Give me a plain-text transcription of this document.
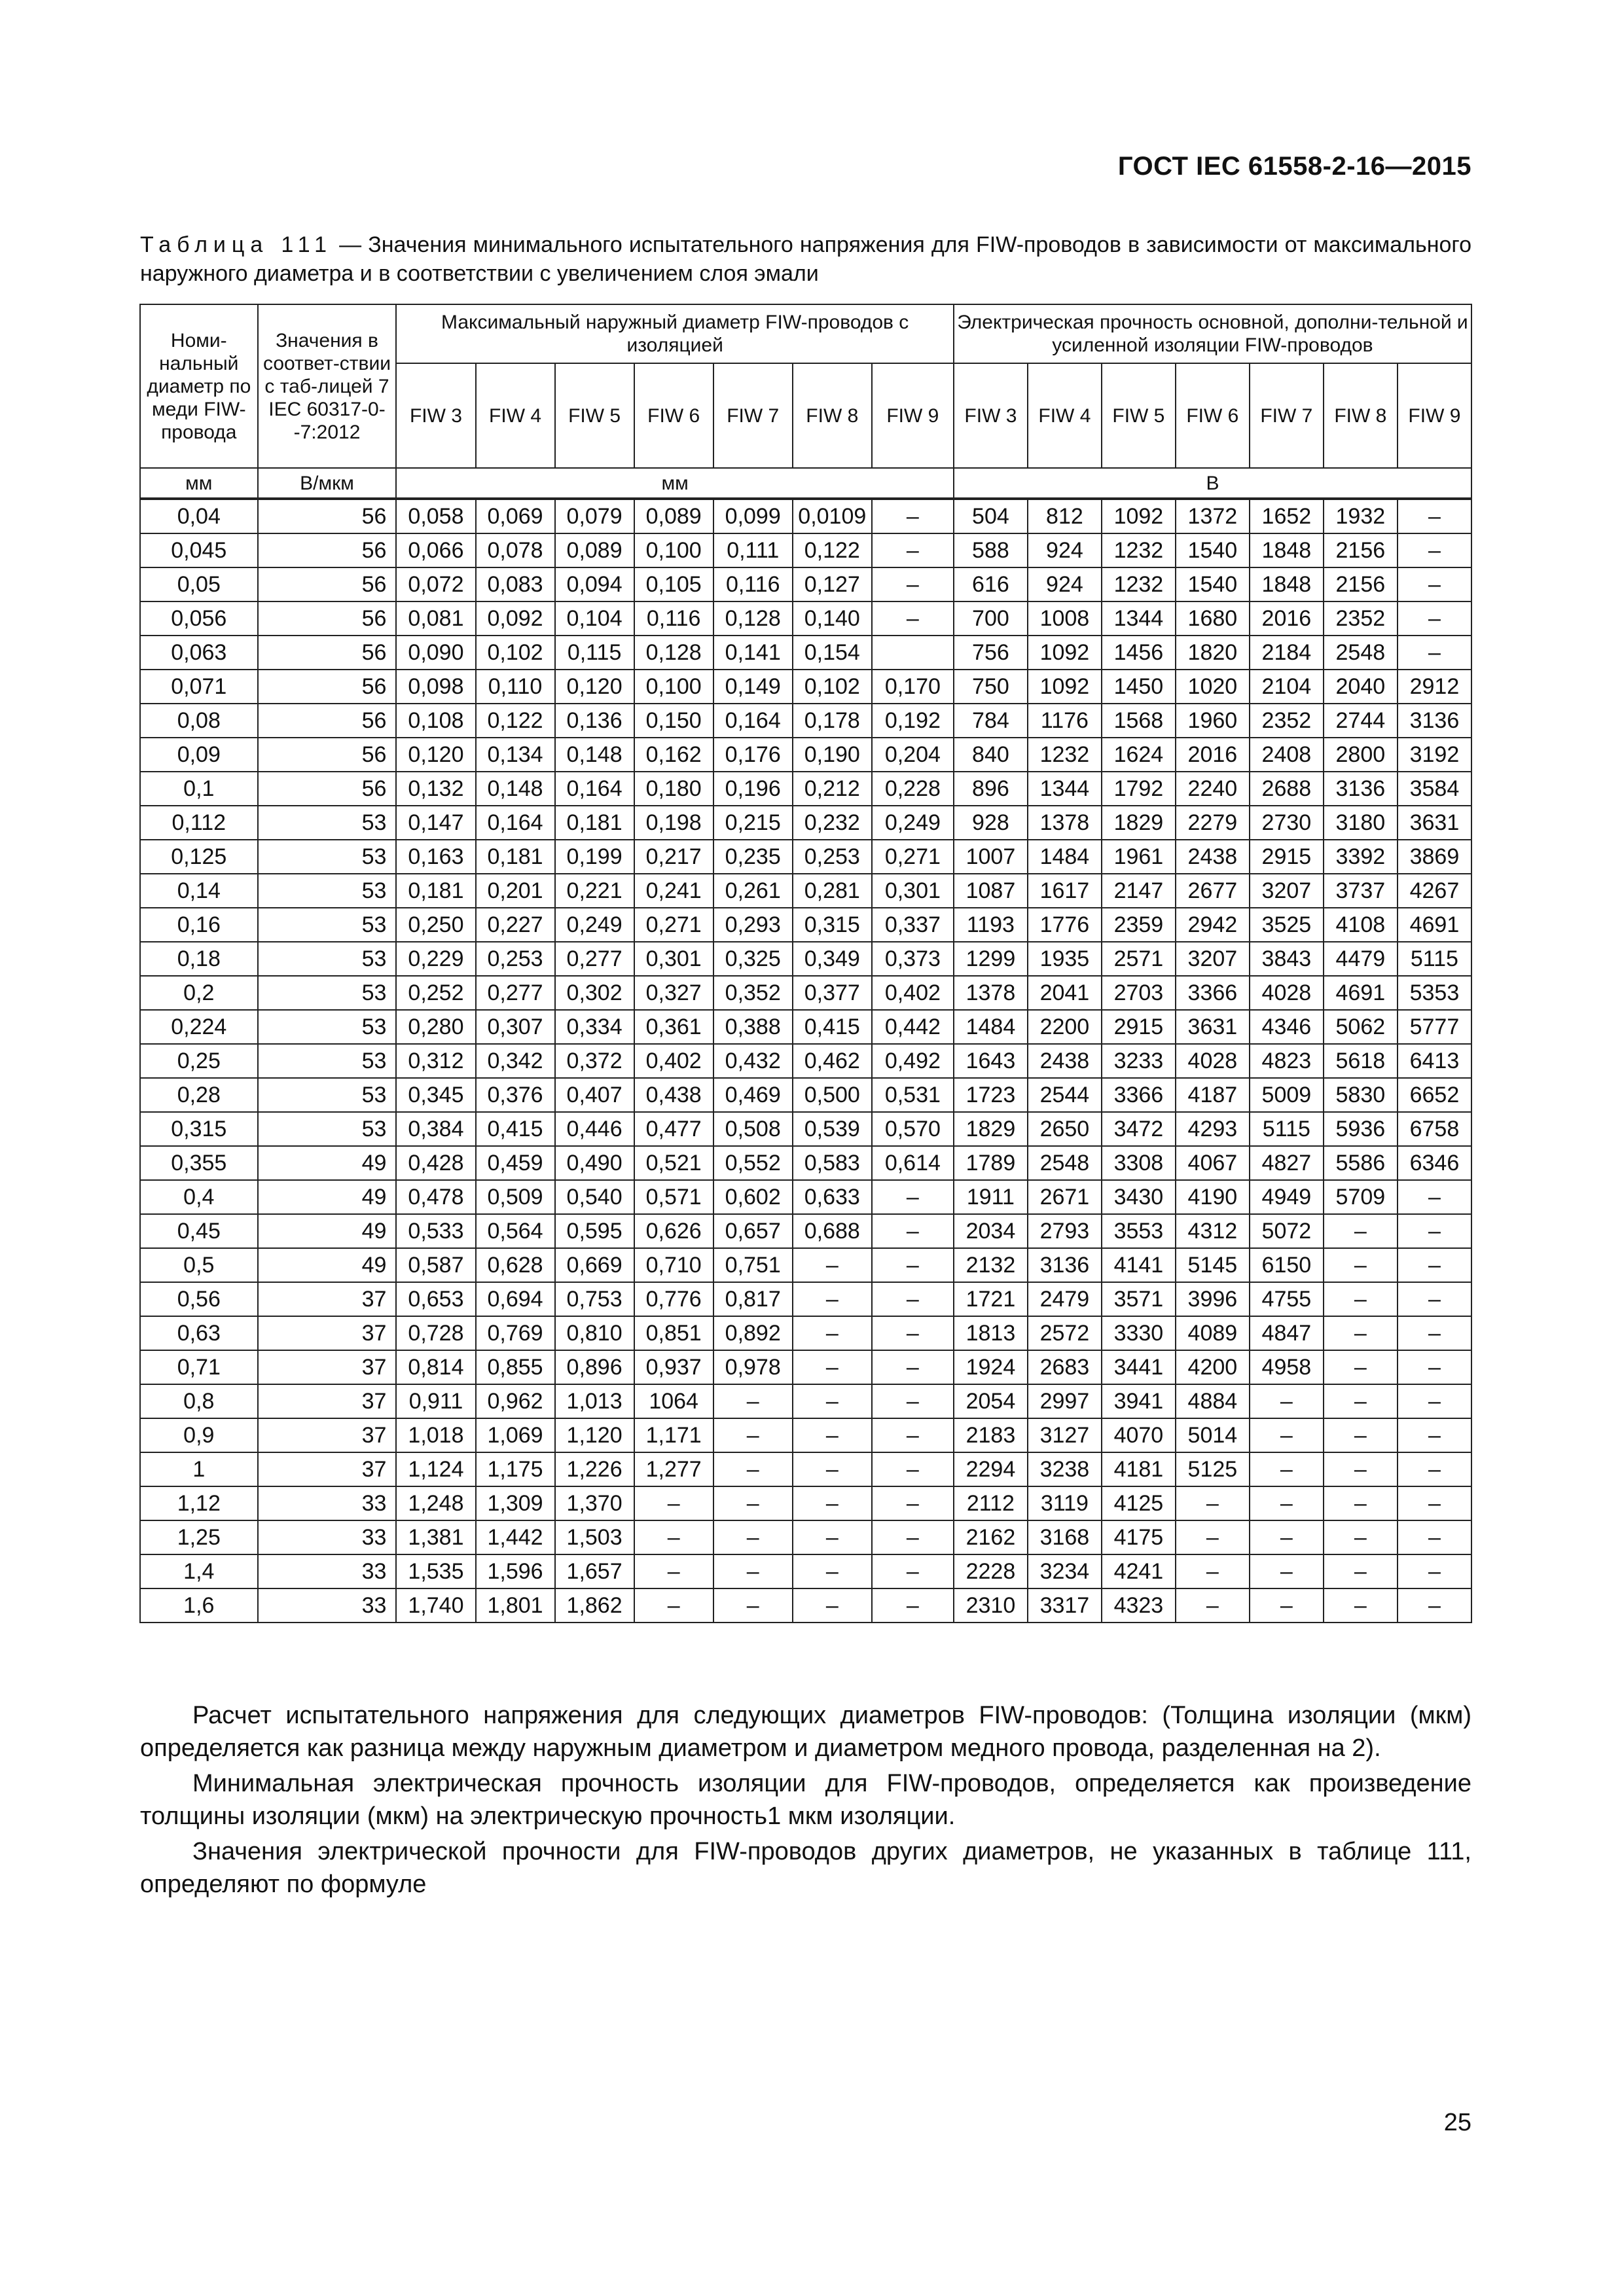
ГОСТ IEC 61558-2-16—2015
Таблица 111 — Значения минимального испытательного напряжения для FIW-проводов в зависимости от максимального наружного диаметра и в соответствии с увеличением слоя эмали
Номи-нальный диаметр по меди FIW-провода	Значения в соответ-ствии с таб-лицей 7 IEC 60317-0--7:2012	Максимальный наружный диаметр FIW-проводов с изоляцией							Электрическая прочность основной, дополни-тельной и усиленной изоляции FIW-проводов						
		FIW 3	FIW 4	FIW 5	FIW 6	FIW 7	FIW 8	FIW 9	FIW 3	FIW 4	FIW 5	FIW 6	FIW 7	FIW 8	FIW 9
мм	В/мкм	мм							В						
0,04	56	0,058	0,069	0,079	0,089	0,099	0,0109	–	504	812	1092	1372	1652	1932	–
0,045	56	0,066	0,078	0,089	0,100	0,111	0,122	–	588	924	1232	1540	1848	2156	–
0,05	56	0,072	0,083	0,094	0,105	0,116	0,127	–	616	924	1232	1540	1848	2156	–
0,056	56	0,081	0,092	0,104	0,116	0,128	0,140	–	700	1008	1344	1680	2016	2352	–
0,063	56	0,090	0,102	0,115	0,128	0,141	0,154		756	1092	1456	1820	2184	2548	–
0,071	56	0,098	0,110	0,120	0,100	0,149	0,102	0,170	750	1092	1450	1020	2104	2040	2912
0,08	56	0,108	0,122	0,136	0,150	0,164	0,178	0,192	784	1176	1568	1960	2352	2744	3136
0,09	56	0,120	0,134	0,148	0,162	0,176	0,190	0,204	840	1232	1624	2016	2408	2800	3192
0,1	56	0,132	0,148	0,164	0,180	0,196	0,212	0,228	896	1344	1792	2240	2688	3136	3584
0,112	53	0,147	0,164	0,181	0,198	0,215	0,232	0,249	928	1378	1829	2279	2730	3180	3631
0,125	53	0,163	0,181	0,199	0,217	0,235	0,253	0,271	1007	1484	1961	2438	2915	3392	3869
0,14	53	0,181	0,201	0,221	0,241	0,261	0,281	0,301	1087	1617	2147	2677	3207	3737	4267
0,16	53	0,250	0,227	0,249	0,271	0,293	0,315	0,337	1193	1776	2359	2942	3525	4108	4691
0,18	53	0,229	0,253	0,277	0,301	0,325	0,349	0,373	1299	1935	2571	3207	3843	4479	5115
0,2	53	0,252	0,277	0,302	0,327	0,352	0,377	0,402	1378	2041	2703	3366	4028	4691	5353
0,224	53	0,280	0,307	0,334	0,361	0,388	0,415	0,442	1484	2200	2915	3631	4346	5062	5777
0,25	53	0,312	0,342	0,372	0,402	0,432	0,462	0,492	1643	2438	3233	4028	4823	5618	6413
0,28	53	0,345	0,376	0,407	0,438	0,469	0,500	0,531	1723	2544	3366	4187	5009	5830	6652
0,315	53	0,384	0,415	0,446	0,477	0,508	0,539	0,570	1829	2650	3472	4293	5115	5936	6758
0,355	49	0,428	0,459	0,490	0,521	0,552	0,583	0,614	1789	2548	3308	4067	4827	5586	6346
0,4	49	0,478	0,509	0,540	0,571	0,602	0,633	–	1911	2671	3430	4190	4949	5709	–
0,45	49	0,533	0,564	0,595	0,626	0,657	0,688	–	2034	2793	3553	4312	5072	–	–
0,5	49	0,587	0,628	0,669	0,710	0,751	–	–	2132	3136	4141	5145	6150	–	–
0,56	37	0,653	0,694	0,753	0,776	0,817	–	–	1721	2479	3571	3996	4755	–	–
0,63	37	0,728	0,769	0,810	0,851	0,892	–	–	1813	2572	3330	4089	4847	–	–
0,71	37	0,814	0,855	0,896	0,937	0,978	–	–	1924	2683	3441	4200	4958	–	–
0,8	37	0,911	0,962	1,013	1064	–	–	–	2054	2997	3941	4884	–	–	–
0,9	37	1,018	1,069	1,120	1,171	–	–	–	2183	3127	4070	5014	–	–	–
1	37	1,124	1,175	1,226	1,277	–	–	–	2294	3238	4181	5125	–	–	–
1,12	33	1,248	1,309	1,370	–	–	–	–	2112	3119	4125	–	–	–	–
1,25	33	1,381	1,442	1,503	–	–	–	–	2162	3168	4175	–	–	–	–
1,4	33	1,535	1,596	1,657	–	–	–	–	2228	3234	4241	–	–	–	–
1,6	33	1,740	1,801	1,862	–	–	–	–	2310	3317	4323	–	–	–	–

Расчет испытательного напряжения для следующих диаметров FIW-проводов: (Толщина изоляции (мкм) определяется как разница между наружным диаметром и диаметром медного провода, разделенная на 2).

Минимальная электрическая прочность изоляции для FIW-проводов, определяется как произведение толщины изоляции (мкм) на электрическую прочность1 мкм изоляции.

Значения электрической прочности для FIW-проводов других диаметров, не указанных в таблице 111, определяют по формуле

25
